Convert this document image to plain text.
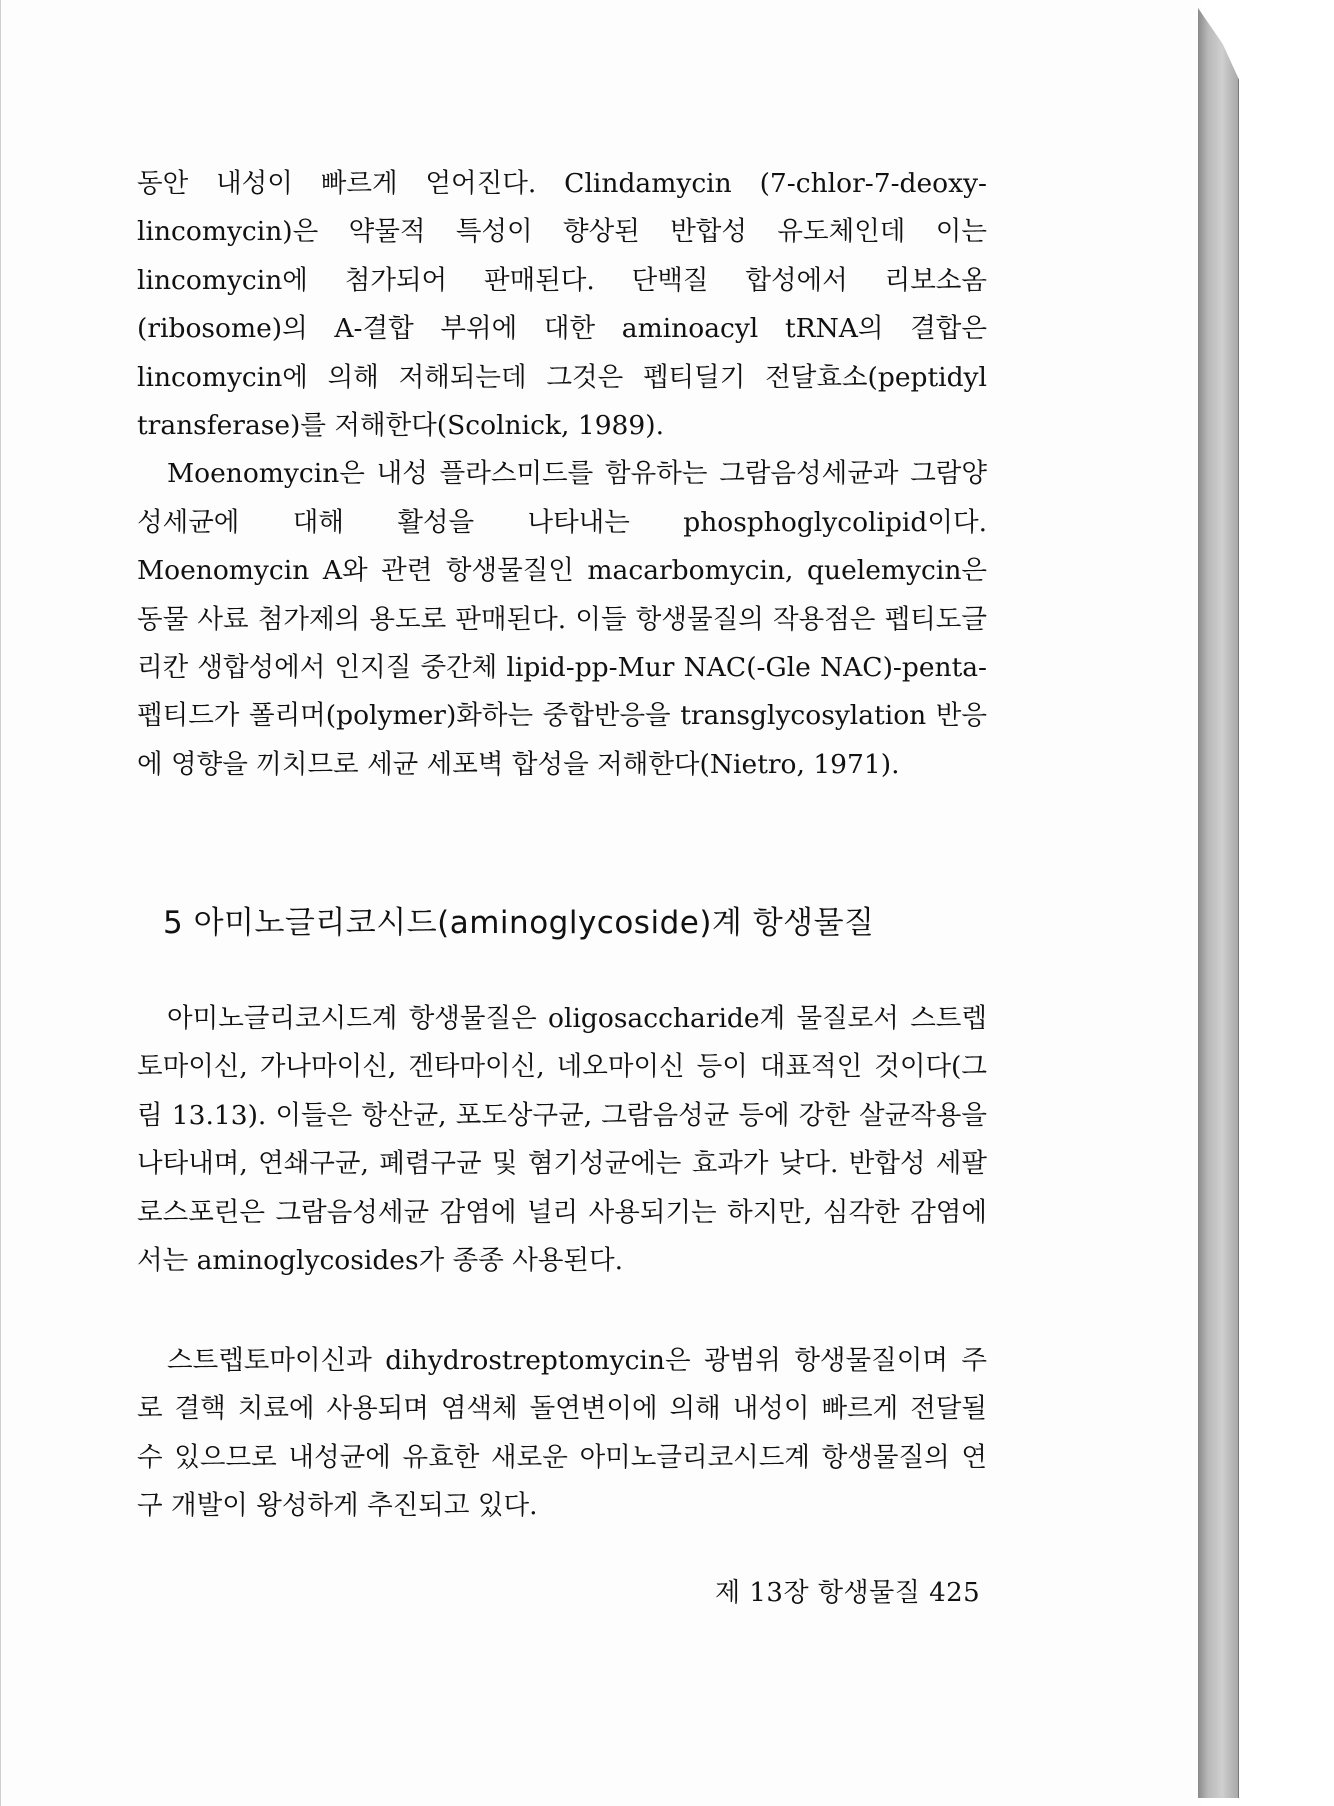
동안 내성이 빠르게 얻어진다. Clindamycin (7-chlor-7-deoxy-lincomycin)은 약물적 특성이 향상된 반합성 유도체인데 이는 lincomycin에 첨가되어 판매된다. 단백질 합성에서 리보소옴(ribosome)의 A-결합 부위에 대한 aminoacyl tRNA의 결합은 lincomycin에 의해 저해되는데 그것은 펩티딜기 전달효소(peptidyl transferase)를 저해한다(Scolnick, 1989).

Moenomycin은 내성 플라스미드를 함유하는 그람음성세균과 그람양성세균에 대해 활성을 나타내는 phosphoglycolipid이다. Moenomycin A와 관련 항생물질인 macarbomycin, quelemycin은 동물 사료 첨가제의 용도로 판매된다. 이들 항생물질의 작용점은 펩티도글리칸 생합성에서 인지질 중간체 lipid-pp-Mur NAC(-Gle NAC)-penta-펩티드가 폴리머(polymer)화하는 중합반응을 transglycosylation 반응에 영향을 끼치므로 세균 세포벽 합성을 저해한다(Nietro, 1971).

5 아미노글리코시드(aminoglycoside)계 항생물질

아미노글리코시드계 항생물질은 oligosaccharide계 물질로서 스트렙토마이신, 가나마이신, 겐타마이신, 네오마이신 등이 대표적인 것이다(그림 13.13). 이들은 항산균, 포도상구균, 그람음성균 등에 강한 살균작용을 나타내며, 연쇄구균, 폐렴구균 및 혐기성균에는 효과가 낮다. 반합성 세팔로스포린은 그람음성세균 감염에 널리 사용되기는 하지만, 심각한 감염에서는 aminoglycosides가 종종 사용된다.

스트렙토마이신과 dihydrostreptomycin은 광범위 항생물질이며 주로 결핵 치료에 사용되며 염색체 돌연변이에 의해 내성이 빠르게 전달될 수 있으므로 내성균에 유효한 새로운 아미노글리코시드계 항생물질의 연구 개발이 왕성하게 추진되고 있다.

제 13장 항생물질 425
